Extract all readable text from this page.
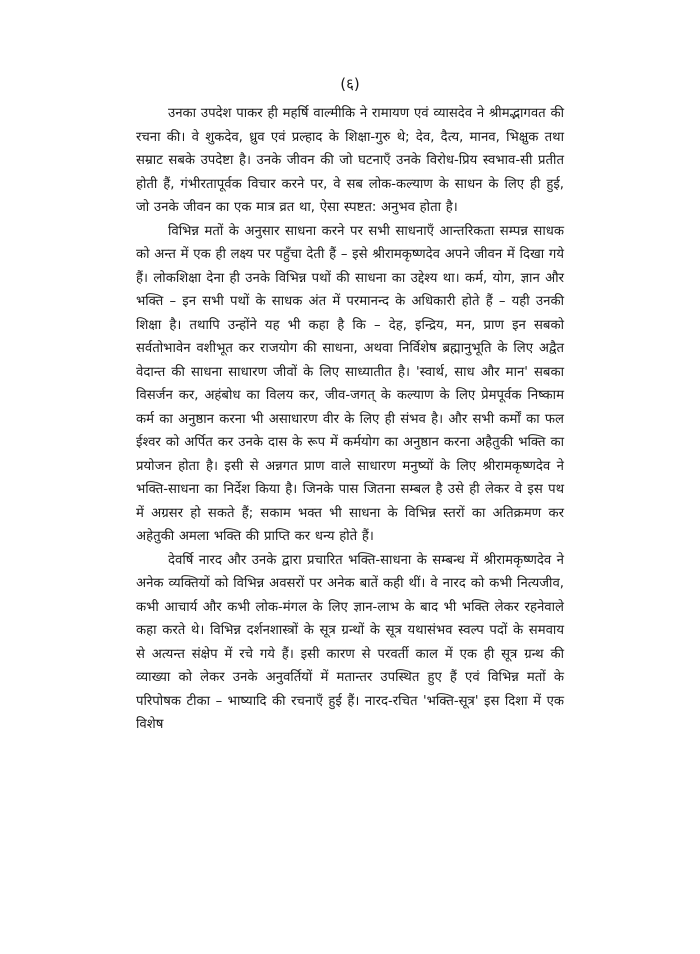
(६)

उनका उपदेश पाकर ही महर्षि वाल्मीकि ने रामायण एवं व्यासदेव ने श्रीमद्भागवत की रचना की। वे शुकदेव, ध्रुव एवं प्रल्हाद के शिक्षा-गुरु थे; देव, दैत्य, मानव, भिक्षुक तथा सम्राट सबके उपदेष्टा है। उनके जीवन की जो घटनाएँ उनके विरोध-प्रिय स्वभाव-सी प्रतीत होती हैं, गंभीरतापूर्वक विचार करने पर, वे सब लोक-कल्याण के साधन के लिए ही हुई, जो उनके जीवन का एक मात्र व्रत था, ऐसा स्पष्टत: अनुभव होता है।

विभिन्न मतों के अनुसार साधना करने पर सभी साधनाएँ आन्तरिकता सम्पन्न साधक को अन्त में एक ही लक्ष्य पर पहुँचा देती हैं – इसे श्रीरामकृष्णदेव अपने जीवन में दिखा गये हैं। लोकशिक्षा देना ही उनके विभिन्न पथों की साधना का उद्देश्य था। कर्म, योग, ज्ञान और भक्ति – इन सभी पथों के साधक अंत में परमानन्द के अधिकारी होते हैं – यही उनकी शिक्षा है। तथापि उन्होंने यह भी कहा है कि – देह, इन्द्रिय, मन, प्राण इन सबको सर्वतोभावेन वशीभूत कर राजयोग की साधना, अथवा निर्विशेष ब्रह्मानुभूति के लिए अद्वैत वेदान्त की साधना साधारण जीवों के लिए साध्यातीत है। 'स्वार्थ, साध और मान' सबका विसर्जन कर, अहंबोध का विलय कर, जीव-जगत् के कल्याण के लिए प्रेमपूर्वक निष्काम कर्म का अनुष्ठान करना भी असाधारण वीर के लिए ही संभव है। और सभी कर्मों का फल ईश्वर को अर्पित कर उनके दास के रूप में कर्मयोग का अनुष्ठान करना अहैतुकी भक्ति का प्रयोजन होता है। इसी से अन्नगत प्राण वाले साधारण मनुष्यों के लिए श्रीरामकृष्णदेव ने भक्ति-साधना का निर्देश किया है। जिनके पास जितना सम्बल है उसे ही लेकर वे इस पथ में अग्रसर हो सकते हैं; सकाम भक्त भी साधना के विभिन्न स्तरों का अतिक्रमण कर अहेतुकी अमला भक्ति की प्राप्ति कर धन्य होते हैं।

देवर्षि नारद और उनके द्वारा प्रचारित भक्ति-साधना के सम्बन्ध में श्रीरामकृष्णदेव ने अनेक व्यक्तियों को विभिन्न अवसरों पर अनेक बातें कही थीं। वे नारद को कभी नित्यजीव, कभी आचार्य और कभी लोक-मंगल के लिए ज्ञान-लाभ के बाद भी भक्ति लेकर रहनेवाले कहा करते थे। विभिन्न दर्शनशास्त्रों के सूत्र ग्रन्थों के सूत्र यथासंभव स्वल्प पदों के समवाय से अत्यन्त संक्षेप में रचे गये हैं। इसी कारण से परवर्ती काल में एक ही सूत्र ग्रन्थ की व्याख्या को लेकर उनके अनुवर्तियों में मतान्तर उपस्थित हुए हैं एवं विभिन्न मतों के परिपोषक टीका – भाष्यादि की रचनाएँ हुई हैं। नारद-रचित 'भक्ति-सूत्र' इस दिशा में एक विशेष
